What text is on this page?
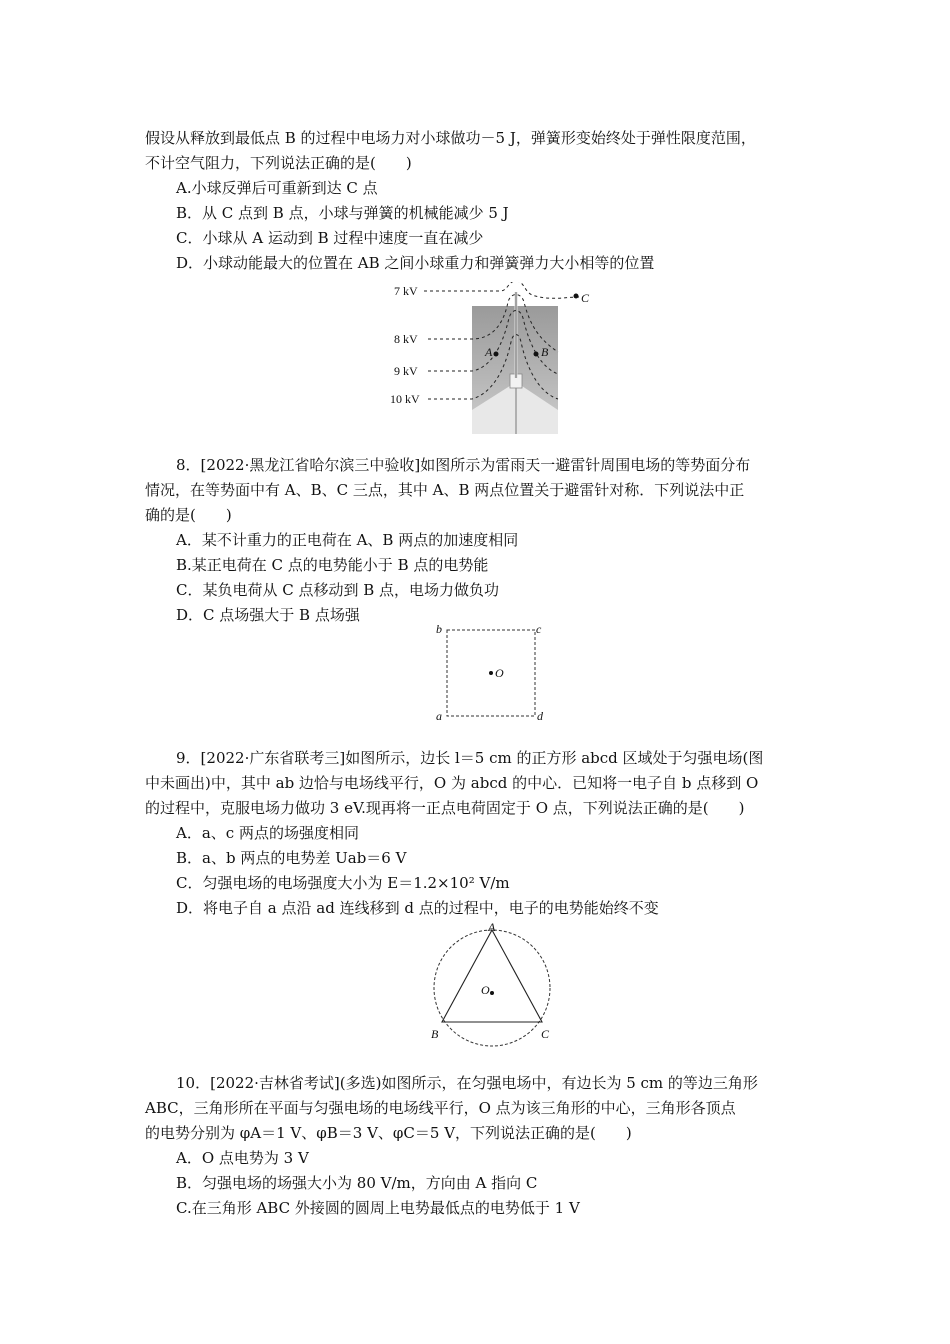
假设从释放到最低点 B 的过程中电场力对小球做功－5 J，弹簧形变始终处于弹性限度范围，
不计空气阻力，下列说法正确的是(　　)
A.小球反弹后可重新到达 C 点
B．从 C 点到 B 点，小球与弹簧的机械能减少 5 J
C．小球从 A 运动到 B 过程中速度一直在减少
D．小球动能最大的位置在 AB 之间小球重力和弹簧弹力大小相等的位置
7 kV
8 kV
9 kV
10 kV
A	B
C
8．[2022·黑龙江省哈尔滨三中验收]如图所示为雷雨天一避雷针周围电场的等势面分布
情况，在等势面中有 A、B、C 三点，其中 A、B 两点位置关于避雷针对称．下列说法中正
确的是(　　)
A．某不计重力的正电荷在 A、B 两点的加速度相同
B.某正电荷在 C 点的电势能小于 B 点的电势能
C．某负电荷从 C 点移动到 B 点，电场力做负功
D．C 点场强大于 B 点场强
b	c
a	d
O
9．[2022·广东省联考三]如图所示，边长 l＝5 cm 的正方形 abcd 区域处于匀强电场(图
中未画出)中，其中 ab 边恰与电场线平行，O 为 abcd 的中心．已知将一电子自 b 点移到 O
的过程中，克服电场力做功 3 eV.现再将一正点电荷固定于 O 点，下列说法正确的是(　　)
A．a、c 两点的场强度相同
B．a、b 两点的电势差 Uab＝6 V
C．匀强电场的电场强度大小为 E＝1.2×10² V/m
D．将电子自 a 点沿 ad 连线移到 d 点的过程中，电子的电势能始终不变
A
B	C
O
10．[2022·吉林省考试](多选)如图所示，在匀强电场中，有边长为 5 cm 的等边三角形
ABC，三角形所在平面与匀强电场的电场线平行，O 点为该三角形的中心，三角形各顶点
的电势分别为 φA＝1 V、φB＝3 V、φC＝5 V，下列说法正确的是(　　)
A．O 点电势为 3 V
B．匀强电场的场强大小为 80 V/m，方向由 A 指向 C
C.在三角形 ABC 外接圆的圆周上电势最低点的电势低于 1 V
